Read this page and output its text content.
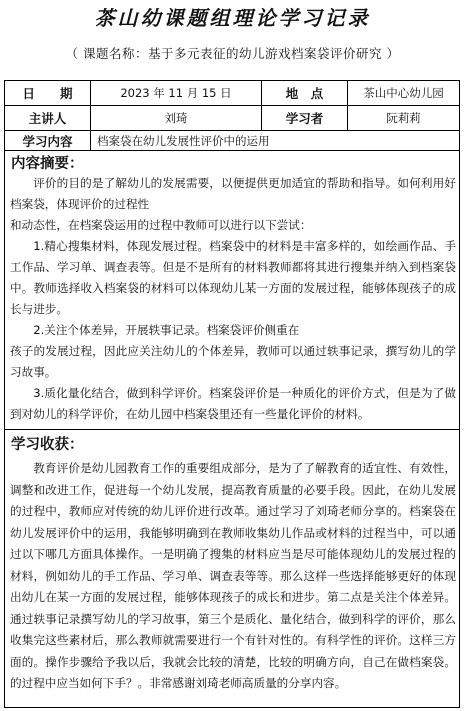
茶山幼课题组理论学习记录
（ 课题名称：基于多元表征的幼儿游戏档案袋评价研究 ）
日　　期	2023 年 11 月 15 日	地　点	茶山中心幼儿园
主讲人	刘琦	学习者	阮莉莉
学习内容	档案袋在幼儿发展性评价中的运用
内容摘要：

评价的目的是了解幼儿的发展需要，以便提供更加适宜的帮助和指导。如何利用好档案袋，体现评价的过程性

和动态性，在档案袋运用的过程中教师可以进行以下尝试：

1.精心搜集材料，体现发展过程。档案袋中的材料是丰富多样的，如绘画作品、手工作品、学习单、调查表等。但是不是所有的材料教师都将其进行搜集并纳入到档案袋中。教师选择收入档案袋的材料可以体现幼儿某一方面的发展过程，能够体现孩子的成长与进步。

2.关注个体差异，开展轶事记录。档案袋评价侧重在

孩子的发展过程，因此应关注幼儿的个体差异，教师可以通过轶事记录，撰写幼儿的学习故事。

3.质化量化结合，做到科学评价。档案袋评价是一种质化的评价方式，但是为了做到对幼儿的科学评价，在幼儿园中档案袋里还有一些量化评价的材料。

学习收获：

教育评价是幼儿园教育工作的重要组成部分，是为了了解教育的适宜性、有效性，调整和改进工作，促进每一个幼儿发展，提高教育质量的必要手段。因此，在幼儿发展的过程中，教师应对传统的幼儿评价进行改革。通过学习了刘琦老师分享的。档案袋在幼儿发展评价中的运用，我能够明确到在教师收集幼儿作品或材料的过程当中，可以通过以下哪几方面具体操作。一是明确了搜集的材料应当是尽可能体现幼儿的发展过程的材料，例如幼儿的手工作品、学习单、调查表等等。那么这样一些选择能够更好的体现出幼儿在某一方面的发展过程，能够体现孩子的成长和进步。第二点是关注个体差异。通过轶事记录撰写幼儿的学习故事，第三个是质化、量化结合，做到科学的评价，那么收集完这些素材后，那么教师就需要进行一个有针对性的。有科学性的评价。这样三方面的。操作步骤给予我以后，我就会比较的清楚，比较的明确方向，自己在做档案袋。的过程中应当如何下手？。非常感谢刘琦老师高质量的分享内容。
